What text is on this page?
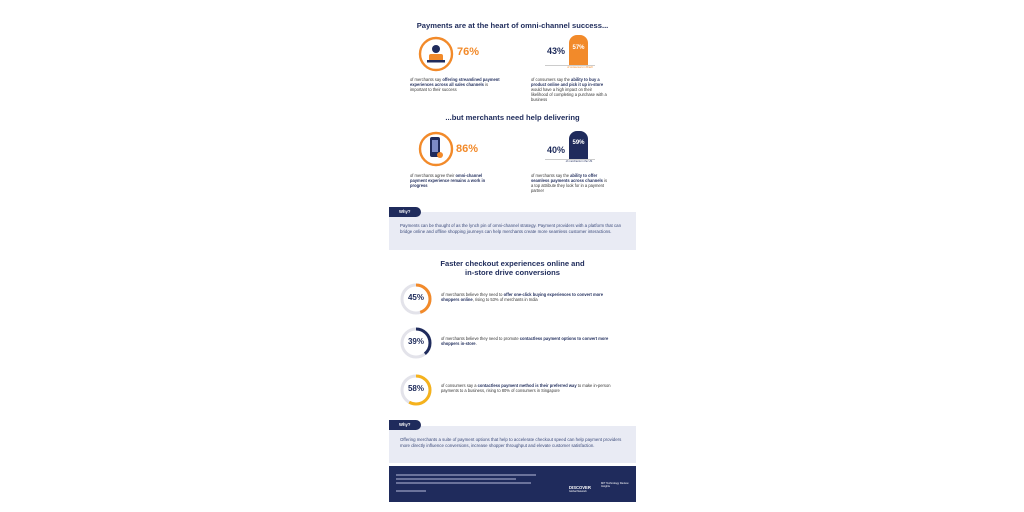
Payments are at the heart of omni-channel success...
76%
of merchants say offering streamlined payment experiences across all sales channels is important to their success
43%	57%
of consumers in Brazil
of consumers say the ability to buy a product online and pick it up in-store would have a high impact on their likelihood of completing a purchase with a business
...but merchants need help delivering
86%
of merchants agree their omni-channel payment experience remains a work in progress
40%
59%
of merchants in the US
of merchants say the ability to offer seamless payments across channels is a top attribute they look for in a payment partner
Payments can be thought of as the lynch pin of omni-channel strategy. Payment providers with a platform that can bridge online and offline shopping journeys can help merchants create more seamless customer interactions.
Why?
Faster checkout experiences online and
in-store drive conversions
45%	of merchants believe they need to offer one-click buying experiences to convert more shoppers online, rising to 53% of merchants in India
39%	of merchants believe they need to promote contactless payment options to convert more shoppers in-store.
58%	of consumers say a contactless payment method is their preferred way to make in-person payments to a business, rising to 80% of consumers in Singapore
Offering merchants a suite of payment options that help to accelerate checkout speed can help payment providers more directly influence conversions, increase shopper throughput and elevate customer satisfaction.
Why?
DISCOVER
Global Network
MIT Technology Review Insights
